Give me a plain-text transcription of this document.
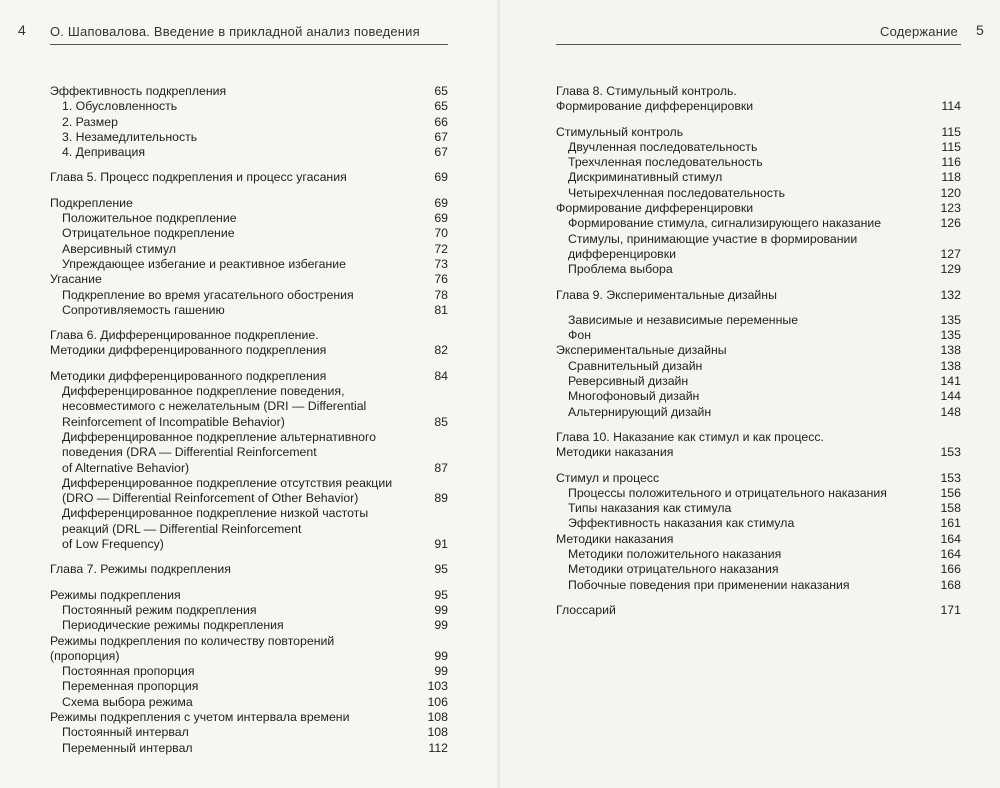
4 О. Шаповалова. Введение в прикладной анализ поведения
Эффективность подкрепления	65
1. Обусловленность	65
2. Размер	66
3. Незамедлительность	67
4. Депривация	67
Глава 5. Процесс подкрепления и процесс угасания	69
Подкрепление	69
Положительное подкрепление	69
Отрицательное подкрепление	70
Аверсивный стимул	72
Упреждающее избегание и реактивное избегание	73
Угасание	76
Подкрепление во время угасательного обострения	78
Сопротивляемость гашению	81
Глава 6. Дифференцированное подкрепление.
Методики дифференцированного подкрепления	82
Методики дифференцированного подкрепления	84
Дифференцированное подкрепление поведения,
несовместимого с нежелательным (DRI — Differential
Reinforcement of Incompatible Behavior)	85
Дифференцированное подкрепление альтернативного
поведения (DRA — Differential Reinforcement
of Alternative Behavior)	87
Дифференцированное подкрепление отсутствия реакции
(DRO — Differential Reinforcement of Other Behavior)	89
Дифференцированное подкрепление низкой частоты
реакций (DRL — Differential Reinforcement
of Low Frequency)	91
Глава 7. Режимы подкрепления	95
Режимы подкрепления	95
Постоянный режим подкрепления	99
Периодические режимы подкрепления	99
Режимы подкрепления по количеству повторений
(пропорция)	99
Постоянная пропорция	99
Переменная пропорция	103
Схема выбора режима	106
Режимы подкрепления с учетом интервала времени	108
Постоянный интервал	108
Переменный интервал	112
Содержание 5
Глава 8. Стимульный контроль.
Формирование дифференцировки	114
Стимульный контроль	115
Двучленная последовательность	115
Трехчленная последовательность	116
Дискриминативный стимул	118
Четырехчленная последовательность	120
Формирование дифференцировки	123
Формирование стимула, сигнализирующего наказание	126
Стимулы, принимающие участие в формировании
дифференцировки	127
Проблема выбора	129
Глава 9. Экспериментальные дизайны	132
Зависимые и независимые переменные	135
Фон	135
Экспериментальные дизайны	138
Сравнительный дизайн	138
Реверсивный дизайн	141
Многофоновый дизайн	144
Альтернирующий дизайн	148
Глава 10. Наказание как стимул и как процесс.
Методики наказания	153
Стимул и процесс	153
Процессы положительного и отрицательного наказания	156
Типы наказания как стимула	158
Эффективность наказания как стимула	161
Методики наказания	164
Методики положительного наказания	164
Методики отрицательного наказания	166
Побочные поведения при применении наказания	168
Глоссарий	171
